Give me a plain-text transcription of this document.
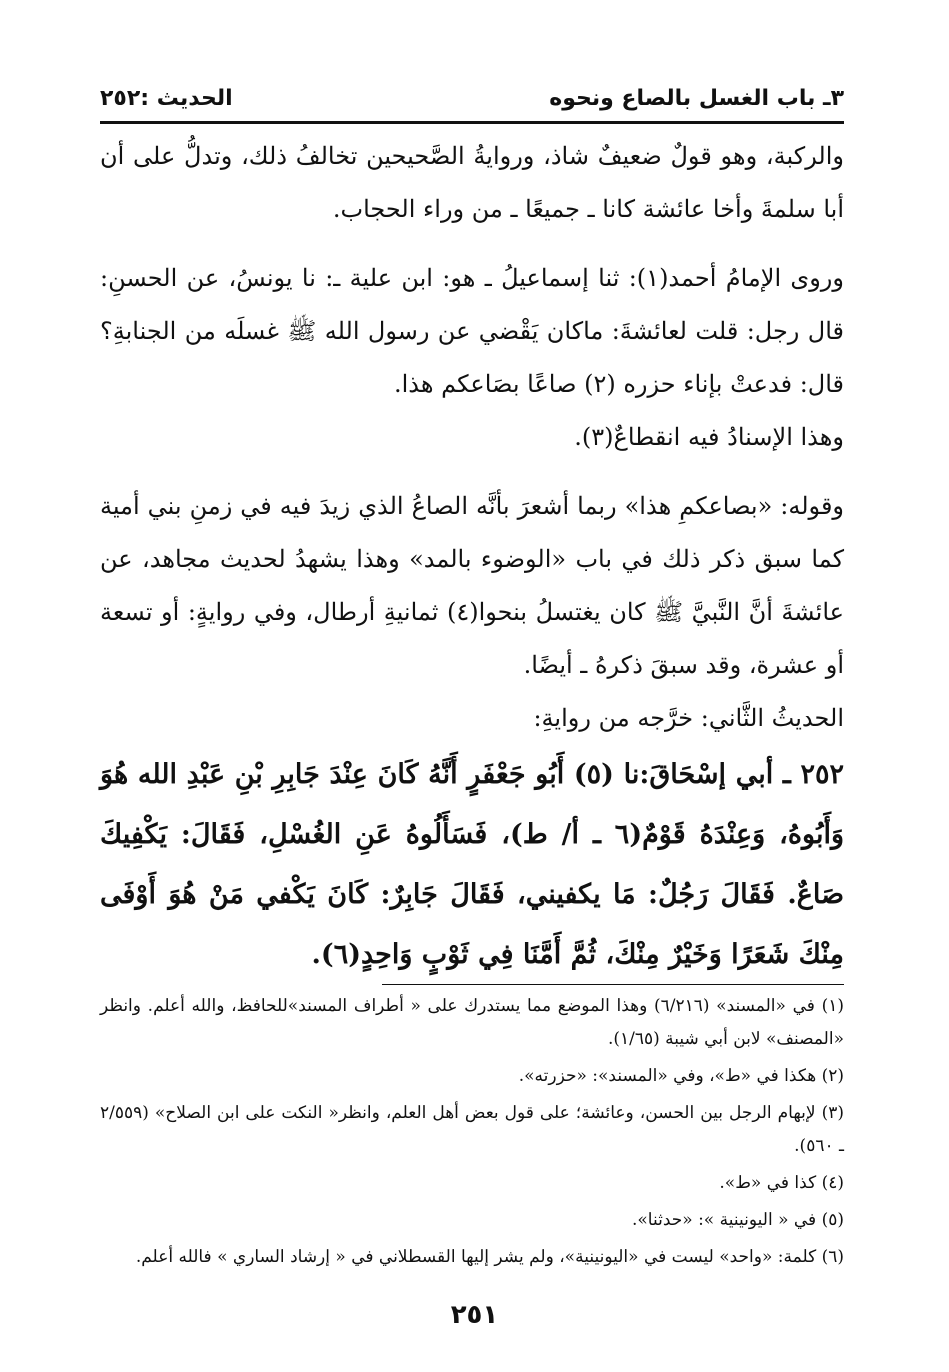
٣ـ باب الغسل بالصاع ونحوه
الحديث :٢٥٢

والركبة، وهو قولٌ ضعيفٌ شاذ، وروايةُ الصَّحيحين تخالفُ ذلك، وتدلُّ على أن أبا سلمةَ وأخا عائشة كانا ـ جميعًا ـ من وراء الحجاب.

وروى الإمامُ أحمد(١): ثنا إسماعيلُ ـ هو: ابن علية ـ: نا يونسُ، عن الحسنِ: قال رجل: قلت لعائشةَ: ماكان يَقْضي عن رسول الله ﷺ غسلَه من الجنابةِ؟ قال: فدعتْ بإناء حزره (٢) صاعًا بصَاعكم هذا.

وهذا الإسنادُ فيه انقطاعٌ(٣).

وقوله: «بصاعكمِ هذا» ربما أشعرَ بأنَّه الصاعُ الذي زيدَ فيه في زمنِ بني أمية كما سبق ذكر ذلك في باب «الوضوء بالمد» وهذا يشهدُ لحديث مجاهد، عن عائشةَ أنَّ النَّبيَّ ﷺ كان يغتسلُ بنحوا(٤) ثمانيةِ أرطال، وفي روايةٍ: أو تسعة أو عشرة، وقد سبقَ ذكرهُ ـ أيضًا.

الحديثُ الثَّاني: خرَّجه من روايةِ:

٢٥٢ ـ أبي إسْحَاقَ:نا (٥) أَبُو جَعْفَرٍ أَنَّهُ كَانَ عِنْدَ جَابِرِ بْنِ عَبْدِ الله هُوَ وَأَبُوهُ، وَعِنْدَهُ قَوْمٌ(٦ ـ أ/ ط)، فَسَأَلُوهُ عَنِ الغُسْلِ، فَقَالَ: يَكْفِيكَ صَاعٌ. فَقَالَ رَجُلٌ: مَا يكفيني، فَقَالَ جَابِرٌ: كَانَ يَكْفي مَنْ هُوَ أَوْفَى مِنْكَ شَعَرًا وَخَيْرٌ مِنْكَ، ثُمَّ أَمَّنَا فِي ثَوْبٍ وَاحِدٍ(٦).

(١) في «المسند» (٦/٢١٦) وهذا الموضع مما يستدرك على « أطراف المسند»للحافظ، والله أعلم. وانظر «المصنف» لابن أبي شيبة (١/٦٥).

(٢) هكذا في «ط»، وفي «المسند»: «حزرته».

(٣) لإبهام الرجل بين الحسن، وعائشة؛ على قول بعض أهل العلم، وانظر« النكت على ابن الصلاح» (٢/٥٥٩ ـ ٥٦٠).

(٤) كذا في «ط».

(٥) في « اليونينية »: «حدثنا».

(٦) كلمة: «واحد» ليست في «اليونينية»، ولم يشر إليها القسطلاني في « إرشاد الساري » فالله أعلم.

٢٥١
